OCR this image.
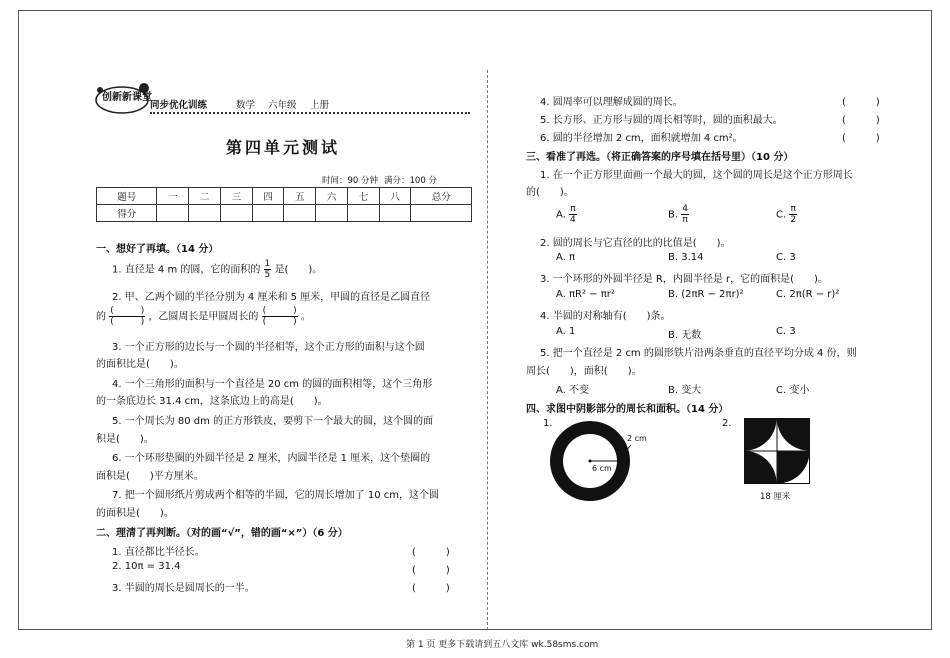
创新新课堂
同步优化训练	数学 六年级 上册
第四单元测试
时间：90 分钟 满分：100 分
题号	一	二	三	四	五	六	七	八	总分
得分									
一、想好了再填。（14 分）
1. 直径是 4 m 的圆，它的面积的 $\frac{1}{5}$ 是(　　)。
2. 甲、乙两个圆的半径分别为 4 厘米和 5 厘米，甲圆的直径是乙圆直径
的 $\frac{( )}{( )}$ ，乙圆周长是甲圆周长的 $\frac{( )}{( )}$ 。
3. 一个正方形的边长与一个圆的半径相等，这个正方形的面积与这个圆
的面积比是(　　)。
4. 一个三角形的面积与一个直径是 20 cm 的圆的面积相等，这个三角形
的一条底边长 31.4 cm，这条底边上的高是(　　)。
5. 一个周长为 80 dm 的正方形铁皮，要剪下一个最大的圆，这个圆的面
积是(　　)。
6. 一个环形垫圈的外圆半径是 2 厘米，内圆半径是 1 厘米，这个垫圈的
面积是(　　)平方厘米。
7. 把一个圆形纸片剪成两个相等的半圆，它的周长增加了 10 cm，这个圆
的面积是(　　)。
二、理清了再判断。（对的画“√”，错的画“×”）（6 分）
1. 直径都比半径长。	(　　　)
2. 10π = 31.4	(　　　)
3. 半圆的周长是圆周长的一半。	(　　　)
4. 圆周率可以理解成圆的周长。	(　　　)
5. 长方形、正方形与圆的周长相等时，圆的面积最大。	(　　　)
6. 圆的半径增加 2 cm，面积就增加 4 cm²。	(　　　)
三、看准了再选。（将正确答案的序号填在括号里）（10 分）
1. 在一个正方形里面画一个最大的圆，这个圆的周长是这个正方形周长
的(　　)。
A. $\frac{\pi}{4}$	B. $\frac{4}{\pi}$	C. $\frac{\pi}{2}$
2. 圆的周长与它直径的比的比值是(　　)。
A. π	B. 3.14	C. 3
3. 一个环形的外圆半径是 R，内圆半径是 r，它的面积是(　　)。
A. πR² − πr²	B. (2πR − 2πr)²	C. 2π(R − r)²
4. 半圆的对称轴有(　　)条。
A. 1	B. 无数	C. 3
5. 把一个直径是 2 cm 的圆形铁片沿两条垂直的直径平均分成 4 份，则
周长(　　)，面积(　　)。
A. 不变	B. 变大	C. 变小
四、求图中阴影部分的周长和面积。（14 分）
1.
6 cm
2 cm
2.
18 厘米
第 1 页 更多下载请到五八文库 wk.58sms.com
